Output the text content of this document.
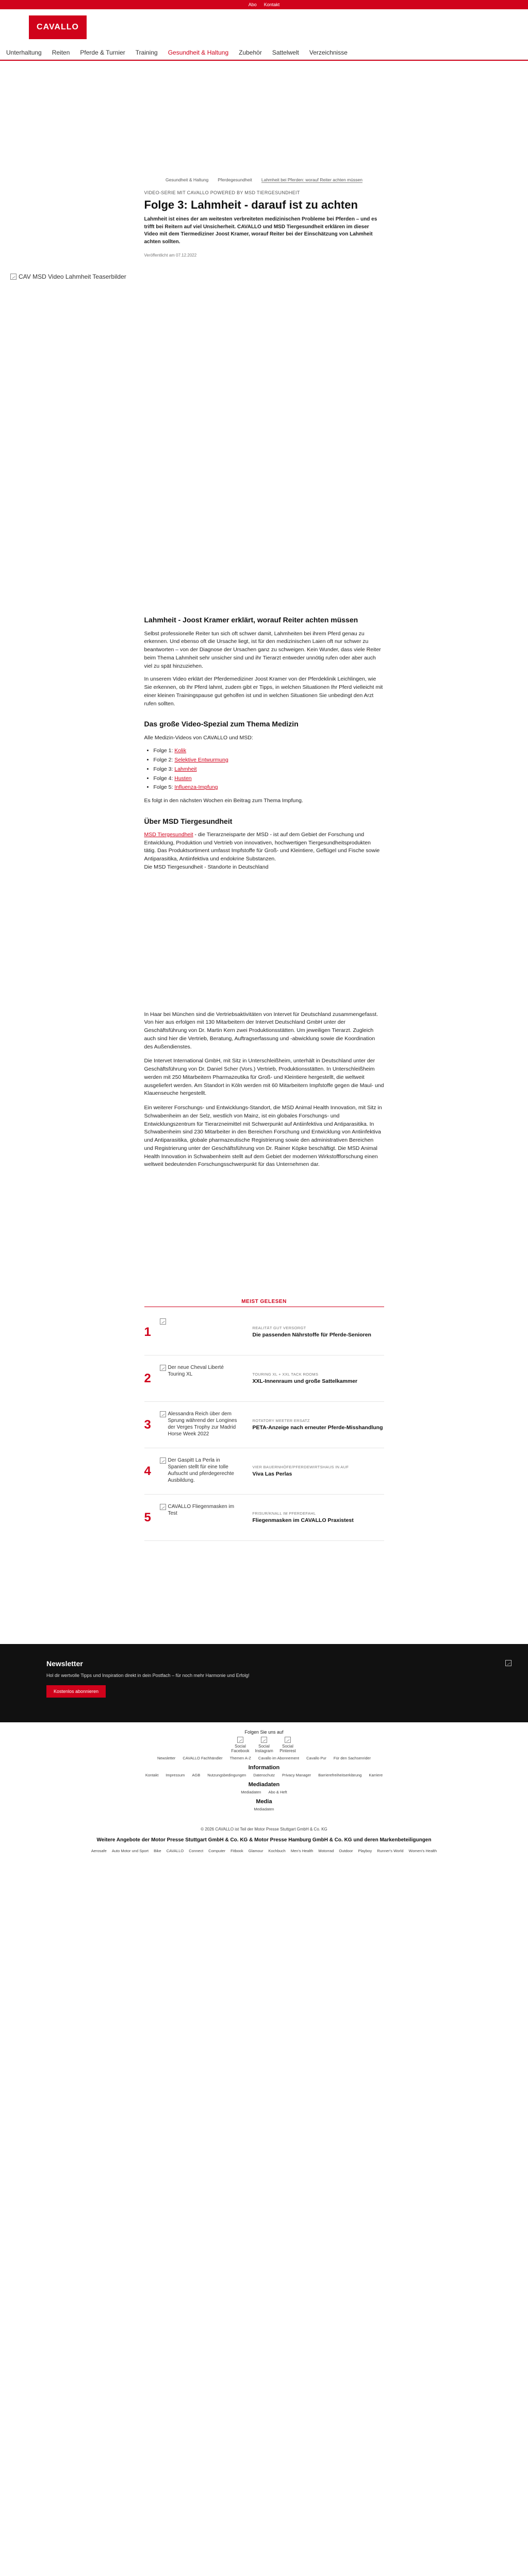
Abo Kontakt
CAVALLO
Unterhaltung Reiten Pferde & Turnier Training Gesundheit & Haltung Zubehör Sattelwelt Verzeichnisse
Gesundheit & Haltung Pferdegesundheit Lahmheit bei Pferden: worauf Reiter achten müssen
VIDEO-SERIE MIT CAVALLO POWERED BY MSD TIERGESUNDHEIT
Folge 3: Lahmheit - darauf ist zu achten

Lahmheit ist eines der am weitesten verbreiteten medizinischen Probleme bei Pferden – und es trifft bei Reitern auf viel Unsicherheit. CAVALLO und MSD Tiergesundheit erklären im dieser Video mit dem Tiermediziner Joost Kramer, worauf Reiter bei der Einschätzung von Lahmheit achten sollten.

Veröffentlicht am 07.12.2022
CAV MSD Video Lahmheit Teaserbilder
Lahmheit - Joost Kramer erklärt, worauf Reiter achten müssen

Selbst professionelle Reiter tun sich oft schwer damit, Lahmheiten bei ihrem Pferd genau zu erkennen. Und ebenso oft die Ursache liegt, ist für den medizinischen Laien oft nur schwer zu beantworten – von der Diagnose der Ursachen ganz zu schweigen. Kein Wunder, dass viele Reiter beim Thema Lahmheit sehr unsicher sind und ihr Tierarzt entweder unnötig rufen oder aber auch viel zu spät hinzuziehen.

In unserem Video erklärt der Pferdemediziner Joost Kramer von der Pferdeklinik Leichlingen, wie Sie erkennen, ob Ihr Pferd lahmt, zudem gibt er Tipps, in welchen Situationen Ihr Pferd vielleicht mit einer kleinen Trainingspause gut geholfen ist und in welchen Situationen Sie unbedingt den Arzt rufen sollten.

Das große Video-Spezial zum Thema Medizin

Alle Medizin-Videos von CAVALLO und MSD:

• Folge 1: Kolik
• Folge 2: Selektive Entwurmung
• Folge 3: Lahmheit
• Folge 4: Husten
• Folge 5: Influenza-Impfung

Es folgt in den nächsten Wochen ein Beitrag zum Thema Impfung.

Über MSD Tiergesundheit

MSD Tiergesundheit - die Tierarzneisparte der MSD - ist auf dem Gebiet der Forschung und Entwicklung, Produktion und Vertrieb von innovativen, hochwertigen Tiergesundheitsprodukten tätig. Das Produktsortiment umfasst Impfstoffe für Groß- und Kleintiere, Geflügel und Fische sowie Antiparasitika, Antiinfektiva und endokrine Substanzen.
Die MSD Tiergesundheit - Standorte in Deutschland

In Haar bei München sind die Vertriebsaktivitäten von Intervet für Deutschland zusammengefasst. Von hier aus erfolgen mit 130 Mitarbeitern der Intervet Deutschland GmbH unter der Geschäftsführung von Dr. Martin Kern zwei Produktionsstätten. Um jeweiligen Tierarzt. Zugleich auch sind hier die Vertrieb, Beratung, Auftragserfassung und -abwicklung sowie die Koordination des Außendienstes.

Die Intervet International GmbH, mit Sitz in Unterschleißheim, unterhält in Deutschland unter der Geschäftsführung von Dr. Daniel Scher (Vors.) Vertrieb, Produktionsstätten. In Unterschleißheim werden mit 250 Mitarbeitern Pharmazeutika für Groß- und Kleintiere hergestellt, die weltweit ausgeliefert werden. Am Standort in Köln werden mit 60 Mitarbeitern Impfstoffe gegen die Maul- und Klauenseuche hergestellt.

Ein weiterer Forschungs- und Entwicklungs-Standort, die MSD Animal Health Innovation, mit Sitz in Schwabenheim an der Selz, westlich von Mainz, ist ein globales Forschungs- und Entwicklungszentrum für Tierarzneimittel mit Schwerpunkt auf Antiinfektiva und Antiparasitika. In Schwabenheim sind 230 Mitarbeiter in den Bereichen Forschung und Entwicklung von Antiinfektiva und Antiparasitika, globale pharmazeutische Registrierung sowie den administrativen Bereichen und Registrierung unter der Geschäftsführung von Dr. Rainer Köpke beschäftigt. Die MSD Animal Health Innovation in Schwabenheim stellt auf dem Gebiet der modernen Wirkstoffforschung einen weltweit bedeutenden Forschungsschwerpunkt für das Unternehmen dar.

MEIST GELESEN
1	REALITÄT GUT VERSORGT
Die passenden Nährstoffe für Pferde-Senioren
2
Der neue Cheval Liberté Touring XL	TOURING XL + XXL TACK ROOMS
XXL-Innenraum und große Sattelkammer
3
Alessandra Reich über dem Sprung während der Longines der Verges Trophy zur Madrid Horse Week 2022
ROTATORY MEETER ERSATZ
PETA-Anzeige nach erneuter Pferde-Misshandlung
4
Der Gaspitt La Perla in Spanien stellt für eine tolle Aufsucht und pferdegerechte Ausbildung.
VIER BAUERNHÖFE/PFERDEWIRTSHAUS IN AUF
Viva Las Perlas
5
CAVALLO Fliegenmasken im Test	FRISUR/KNALL IM PFERDEFAHL
Fliegenmasken im CAVALLO Praxistest
Newsletter

Hol dir wertvolle Tipps und Inspiration direkt in dein Postfach – für noch mehr Harmonie und Erfolg!

Kostenlos abonnieren
Folgen Sie uns auf
Social Facebook
Social Instagram
Social Pinterest
Newsletter CAVALLO Fachhändler Themen A-Z Cavallo im Abonnement Cavallo Pur Für den Sachsenrider
Information
Kontakt Impressum AGB Nutzungsbedingungen Datenschutz Privacy Manager Barrierefreiheitserklärung Karriere
Mediadaten
Mediadaten Abo & Heft
Media
Mediadaten
© 2026 CAVALLO ist Teil der Motor Presse Stuttgart GmbH & Co. KG
Weitere Angebote der Motor Presse Stuttgart GmbH & Co. KG & Motor Presse Hamburg GmbH & Co. KG und deren Markenbeteiligungen
Aerosafe Auto Motor und Sport Bike CAVALLO Connect Computer Fitbook Glamour Kochbuch Men's Health Motorrad Outdoor Playboy Runner's World Women's Health
